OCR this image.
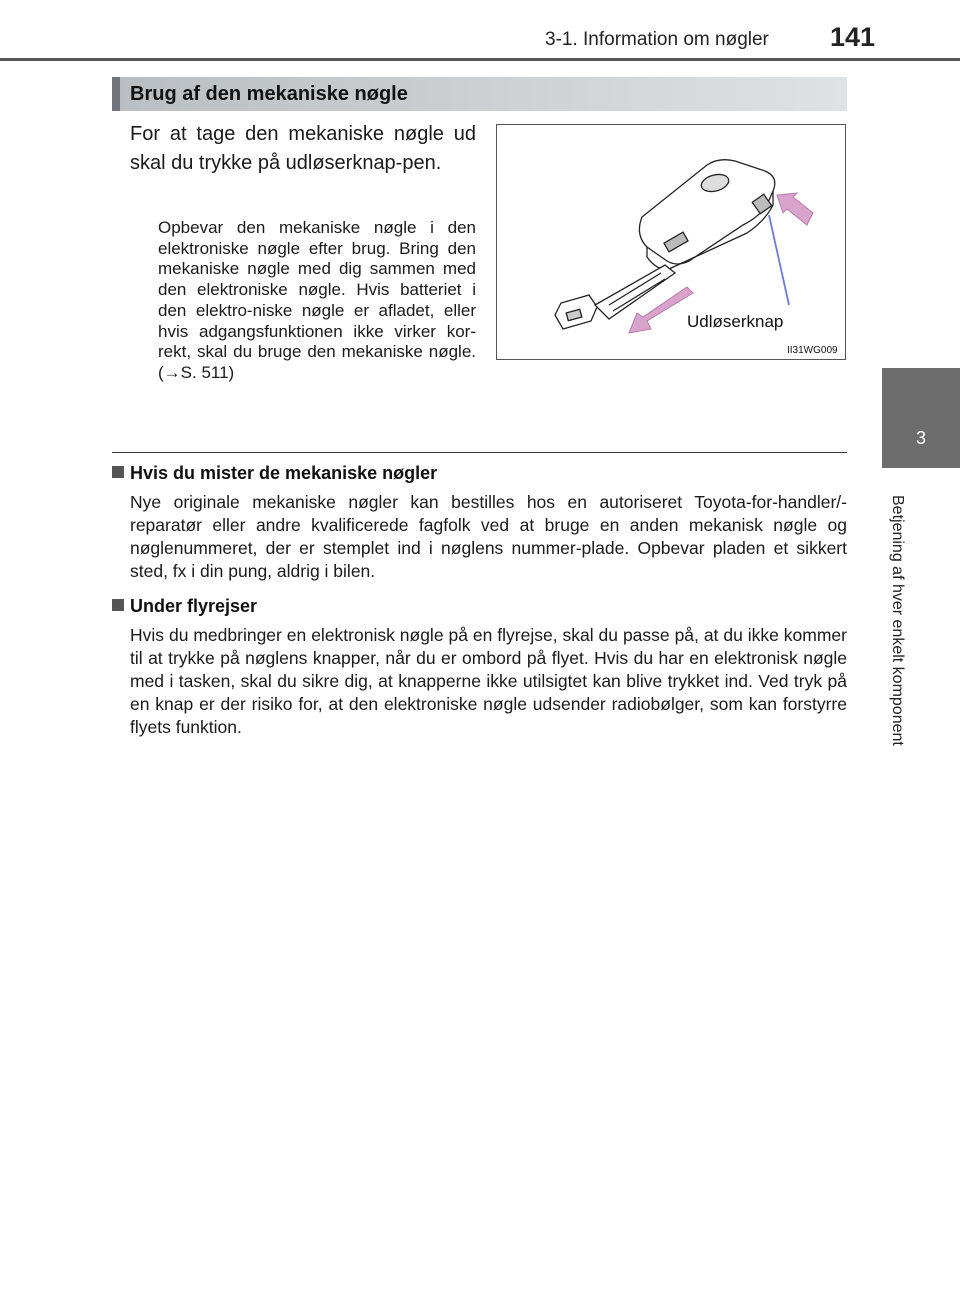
3-1. Information om nøgler 141
3
Betjening af hver enkelt komponent
Brug af den mekaniske nøgle

For at tage den mekaniske nøgle ud skal du trykke på udløserknap-pen.

Opbevar den mekaniske nøgle i den elektroniske nøgle efter brug. Bring den mekaniske nøgle med dig sammen med den elektroniske nøgle. Hvis batteriet i den elektro-niske nøgle er afladet, eller hvis adgangsfunktionen ikke virker kor-rekt, skal du bruge den mekaniske nøgle. (→S. 511)

Udløserknap
II31WG009
Hvis du mister de mekaniske nøgler

Nye originale mekaniske nøgler kan bestilles hos en autoriseret Toyota-for-handler/-reparatør eller andre kvalificerede fagfolk ved at bruge en anden mekanisk nøgle og nøglenummeret, der er stemplet ind i nøglens nummer-plade. Opbevar pladen et sikkert sted, fx i din pung, aldrig i bilen.

Under flyrejser

Hvis du medbringer en elektronisk nøgle på en flyrejse, skal du passe på, at du ikke kommer til at trykke på nøglens knapper, når du er ombord på flyet. Hvis du har en elektronisk nøgle med i tasken, skal du sikre dig, at knapperne ikke utilsigtet kan blive trykket ind. Ved tryk på en knap er der risiko for, at den elektroniske nøgle udsender radiobølger, som kan forstyrre flyets funktion.
